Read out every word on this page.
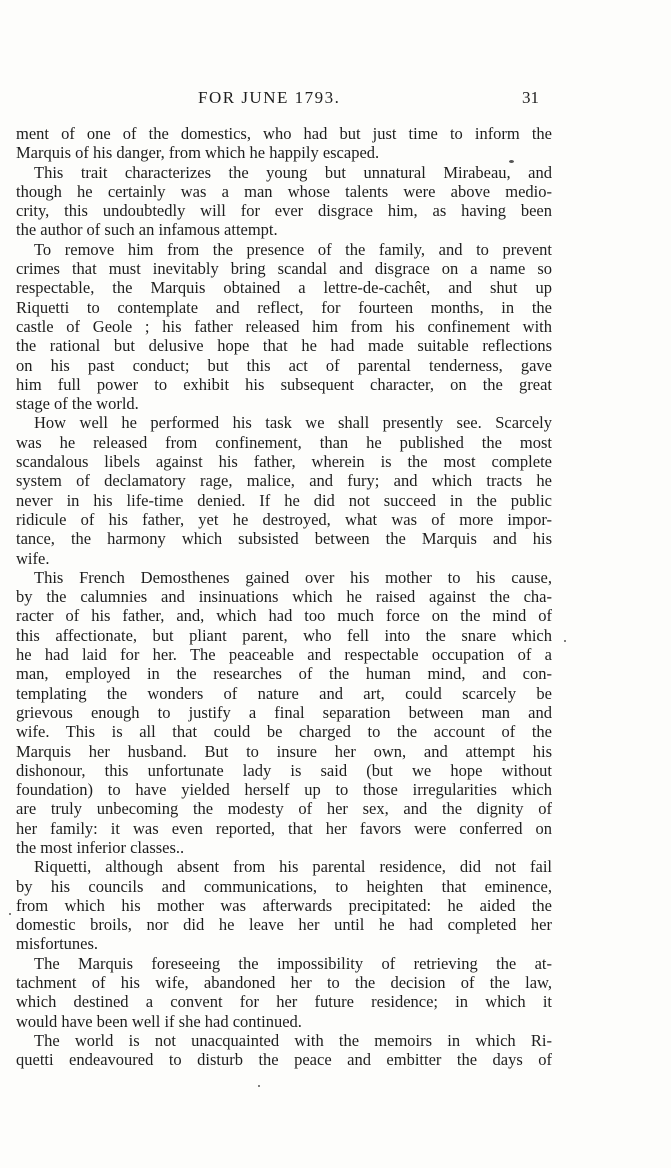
FOR JUNE 1793.	31
ment of one of the domestics, who had but just time to inform the
Marquis of his danger, from which he happily escaped.
This trait characterizes the young but unnatural Mirabeau, and
though he certainly was a man whose talents were above medio-
crity, this undoubtedly will for ever disgrace him, as having been
the author of such an infamous attempt.
To remove him from the presence of the family, and to prevent
crimes that must inevitably bring scandal and disgrace on a name so
respectable, the Marquis obtained a lettre-de-cachêt, and shut up
Riquetti to contemplate and reflect, for fourteen months, in the
castle of Geole ; his father released him from his confinement with
the rational but delusive hope that he had made suitable reflections
on his past conduct; but this act of parental tenderness, gave
him full power to exhibit his subsequent character, on the great
stage of the world.
How well he performed his task we shall presently see. Scarcely
was he released from confinement, than he published the most
scandalous libels against his father, wherein is the most complete
system of declamatory rage, malice, and fury; and which tracts he
never in his life-time denied. If he did not succeed in the public
ridicule of his father, yet he destroyed, what was of more impor-
tance, the harmony which subsisted between the Marquis and his
wife.
This French Demosthenes gained over his mother to his cause,
by the calumnies and insinuations which he raised against the cha-
racter of his father, and, which had too much force on the mind of
this affectionate, but pliant parent, who fell into the snare which
he had laid for her. The peaceable and respectable occupation of a
man, employed in the researches of the human mind, and con-
templating the wonders of nature and art, could scarcely be
grievous enough to justify a final separation between man and
wife. This is all that could be charged to the account of the
Marquis her husband. But to insure her own, and attempt his
dishonour, this unfortunate lady is said (but we hope without
foundation) to have yielded herself up to those irregularities which
are truly unbecoming the modesty of her sex, and the dignity of
her family: it was even reported, that her favors were conferred on
the most inferior classes..
Riquetti, although absent from his parental residence, did not fail
by his councils and communications, to heighten that eminence,
from which his mother was afterwards precipitated: he aided the
domestic broils, nor did he leave her until he had completed her
misfortunes.
The Marquis foreseeing the impossibility of retrieving the at-
tachment of his wife, abandoned her to the decision of the law,
which destined a convent for her future residence; in which it
would have been well if she had continued.
The world is not unacquainted with the memoirs in which Ri-
quetti endeavoured to disturb the peace and embitter the days of
